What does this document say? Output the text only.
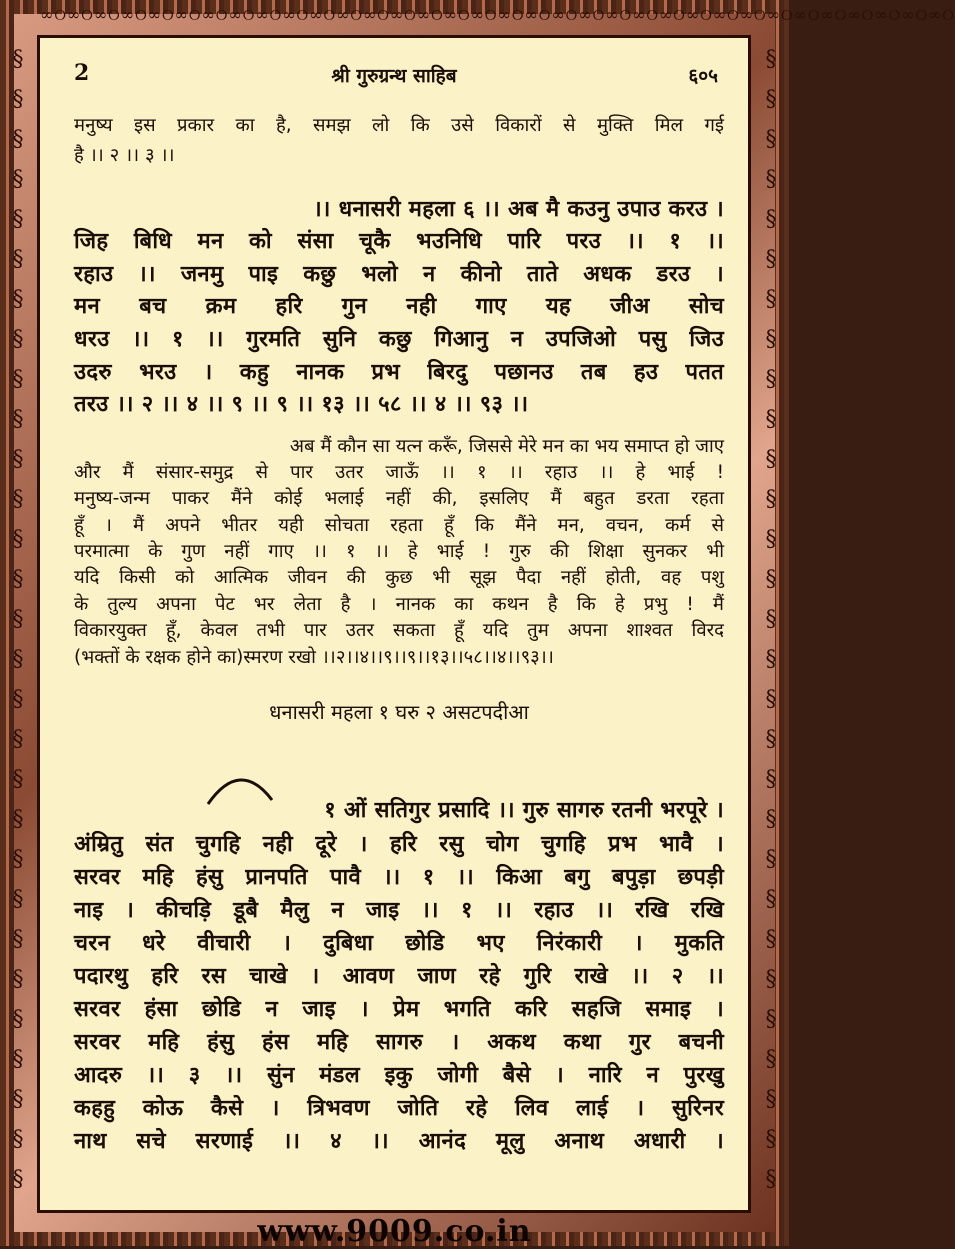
∞୦∞୦∞୦∞୦∞୦∞୦∞୦∞୦∞୦∞୦∞୦∞୦∞୦∞୦∞୦∞୦∞୦∞୦∞୦∞୦∞୦∞୦∞୦∞୦∞୦∞୦∞୦∞୦∞୦∞୦∞୦∞୦∞୦∞୦
§
§
§
§
§
§
§
§
§
§
§
§
§
§
§
§
§
§
§
§
§
§
§
§
§
§
§
§
§
§
§
§
§
§
§
§
§
§
§
§
§
§
§
§
§
§
§
§
§
§
§
§
§
§
§
§
§
§
2	श्री गुरुग्रन्थ साहिब	६०५
मनुष्य इस प्रकार का है, समझ लो कि उसे विकारों से मुक्ति मिल गई
है ।। २ ।। ३ ।।
।। धनासरी महला ६ ।। अब मै कउनु उपाउ करउ ।
जिह बिधि मन को संसा चूकै भउनिधि पारि परउ ।। १ ।।
रहाउ ।। जनमु पाइ कछु भलो न कीनो ताते अधक डरउ ।
मन बच क्रम हरि गुन नही गाए यह जीअ सोच
धरउ ।। १ ।। गुरमति सुनि कछु गिआनु न उपजिओ पसु जिउ
उदरु भरउ । कहु नानक प्रभ बिरदु पछानउ तब हउ पतत
तरउ ।। २ ।। ४ ।। ९ ।। ९ ।। १३ ।। ५८ ।। ४ ।। ९३ ।।
अब मैं कौन सा यत्न करूँ, जिससे मेरे मन का भय समाप्त हो जाए
और मैं संसार-समुद्र से पार उतर जाऊँ ।। १ ।। रहाउ ।। हे भाई !
मनुष्य-जन्म पाकर मैंने कोई भलाई नहीं की, इसलिए मैं बहुत डरता रहता
हूँ । मैं अपने भीतर यही सोचता रहता हूँ कि मैंने मन, वचन, कर्म से
परमात्मा के गुण नहीं गाए ।। १ ।। हे भाई ! गुरु की शिक्षा सुनकर भी
यदि किसी को आत्मिक जीवन की कुछ भी सूझ पैदा नहीं होती, वह पशु
के तुल्य अपना पेट भर लेता है । नानक का कथन है कि हे प्रभु ! मैं
विकारयुक्त हूँ, केवल तभी पार उतर सकता हूँ यदि तुम अपना शाश्वत विरद
(भक्तों के रक्षक होने का)स्मरण रखो ।।२।।४।।९।।९।।१३।।५८।।४।।९३।।
धनासरी महला १ घरु २ असटपदीआ
१ ओं सतिगुर प्रसादि ।। गुरु सागरु रतनी भरपूरे ।
अंम्रितु संत चुगहि नही दूरे । हरि रसु चोग चुगहि प्रभ भावै ।
सरवर महि हंसु प्रानपति पावै ।। १ ।। किआ बगु बपुड़ा छपड़ी
नाइ । कीचड़ि डूबै मैलु न जाइ ।। १ ।। रहाउ ।। रखि रखि
चरन धरे वीचारी । दुबिधा छोडि भए निरंकारी । मुकति
पदारथु हरि रस चाखे । आवण जाण रहे गुरि राखे ।। २ ।।
सरवर हंसा छोडि न जाइ । प्रेम भगति करि सहजि समाइ ।
सरवर महि हंसु हंस महि सागरु । अकथ कथा गुर बचनी
आदरु ।। ३ ।। सुंन मंडल इकु जोगी बैसे । नारि न पुरखु
कहहु कोऊ कैसे । त्रिभवण जोति रहे लिव लाई । सुरिनर
नाथ सचे सरणाई ।। ४ ।। आनंद मूलु अनाथ अधारी ।
www.9009.co.in
